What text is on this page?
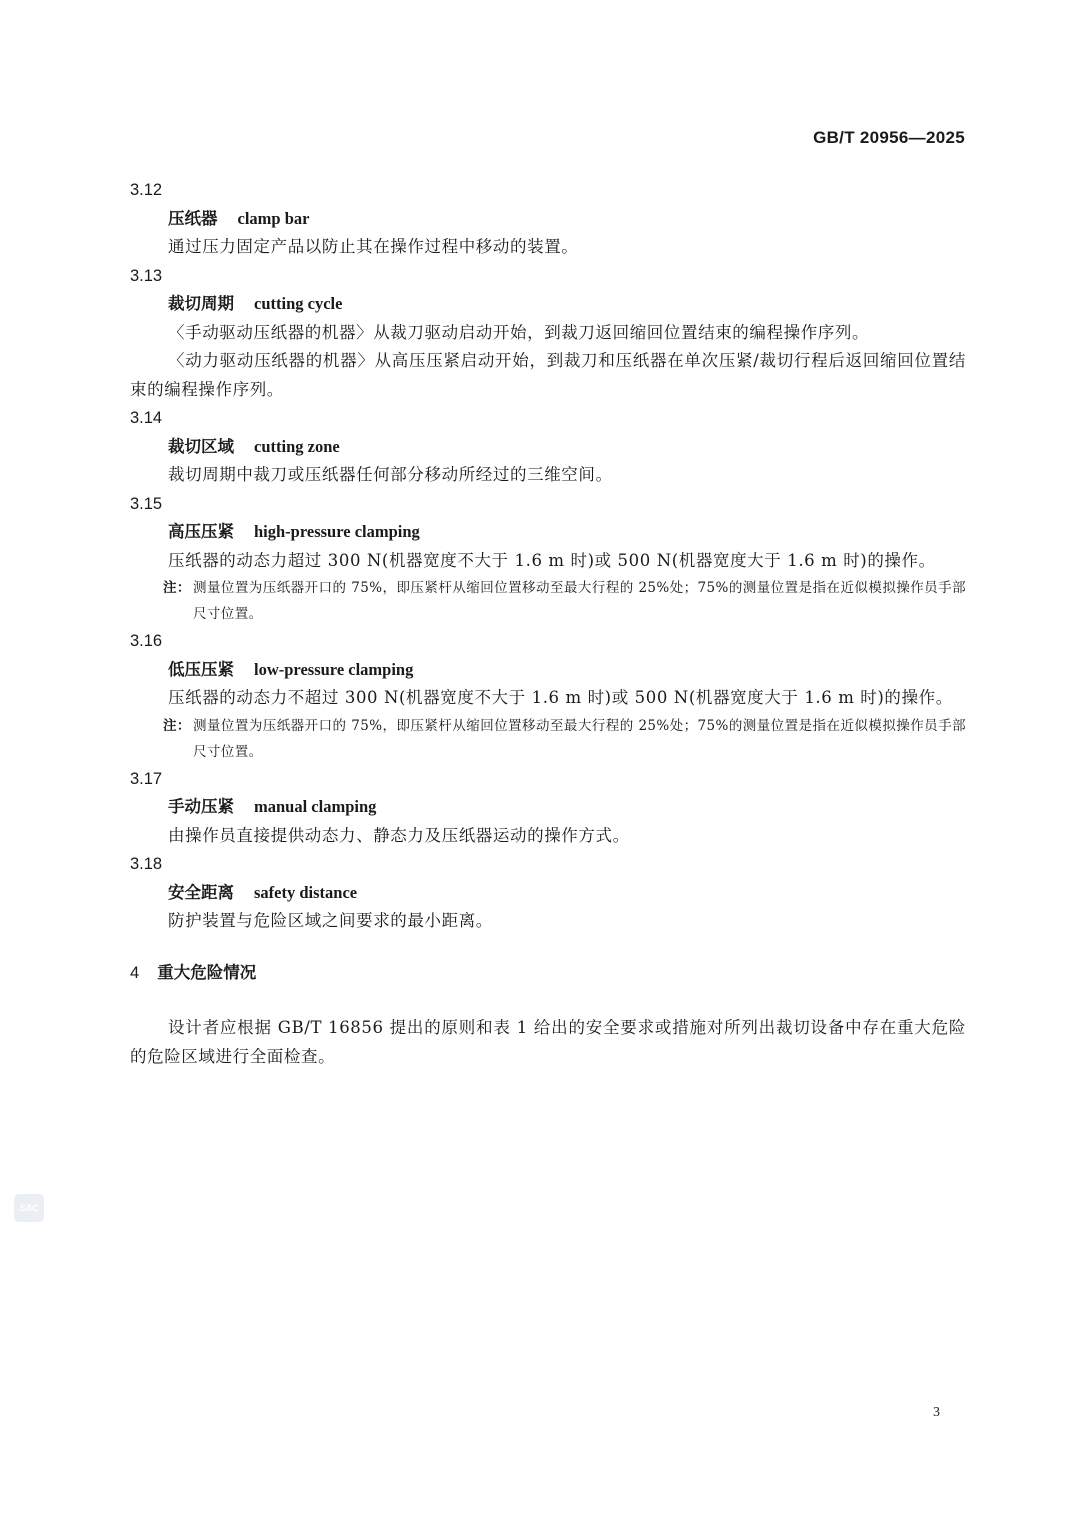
GB/T 20956—2025
3.12
压纸器 clamp bar
通过压力固定产品以防止其在操作过程中移动的装置。
3.13
裁切周期 cutting cycle
〈手动驱动压纸器的机器〉从裁刀驱动启动开始，到裁刀返回缩回位置结束的编程操作序列。
〈动力驱动压纸器的机器〉从高压压紧启动开始，到裁刀和压纸器在单次压紧/裁切行程后返回缩回位置结束的编程操作序列。
3.14
裁切区域 cutting zone
裁切周期中裁刀或压纸器任何部分移动所经过的三维空间。
3.15
高压压紧 high-pressure clamping
压纸器的动态力超过 300 N(机器宽度不大于 1.6 m 时)或 500 N(机器宽度大于 1.6 m 时)的操作。
注： 测量位置为压纸器开口的 75%，即压紧杆从缩回位置移动至最大行程的 25%处；75%的测量位置是指在近似模拟操作员手部尺寸位置。
3.16
低压压紧 low-pressure clamping
压纸器的动态力不超过 300 N(机器宽度不大于 1.6 m 时)或 500 N(机器宽度大于 1.6 m 时)的操作。
注： 测量位置为压纸器开口的 75%，即压紧杆从缩回位置移动至最大行程的 25%处；75%的测量位置是指在近似模拟操作员手部尺寸位置。
3.17
手动压紧 manual clamping
由操作员直接提供动态力、静态力及压纸器运动的操作方式。
3.18
安全距离 safety distance
防护装置与危险区域之间要求的最小距离。
4 重大危险情况
设计者应根据 GB/T 16856 提出的原则和表 1 给出的安全要求或措施对所列出裁切设备中存在重大危险的危险区域进行全面检查。
SAC
3
